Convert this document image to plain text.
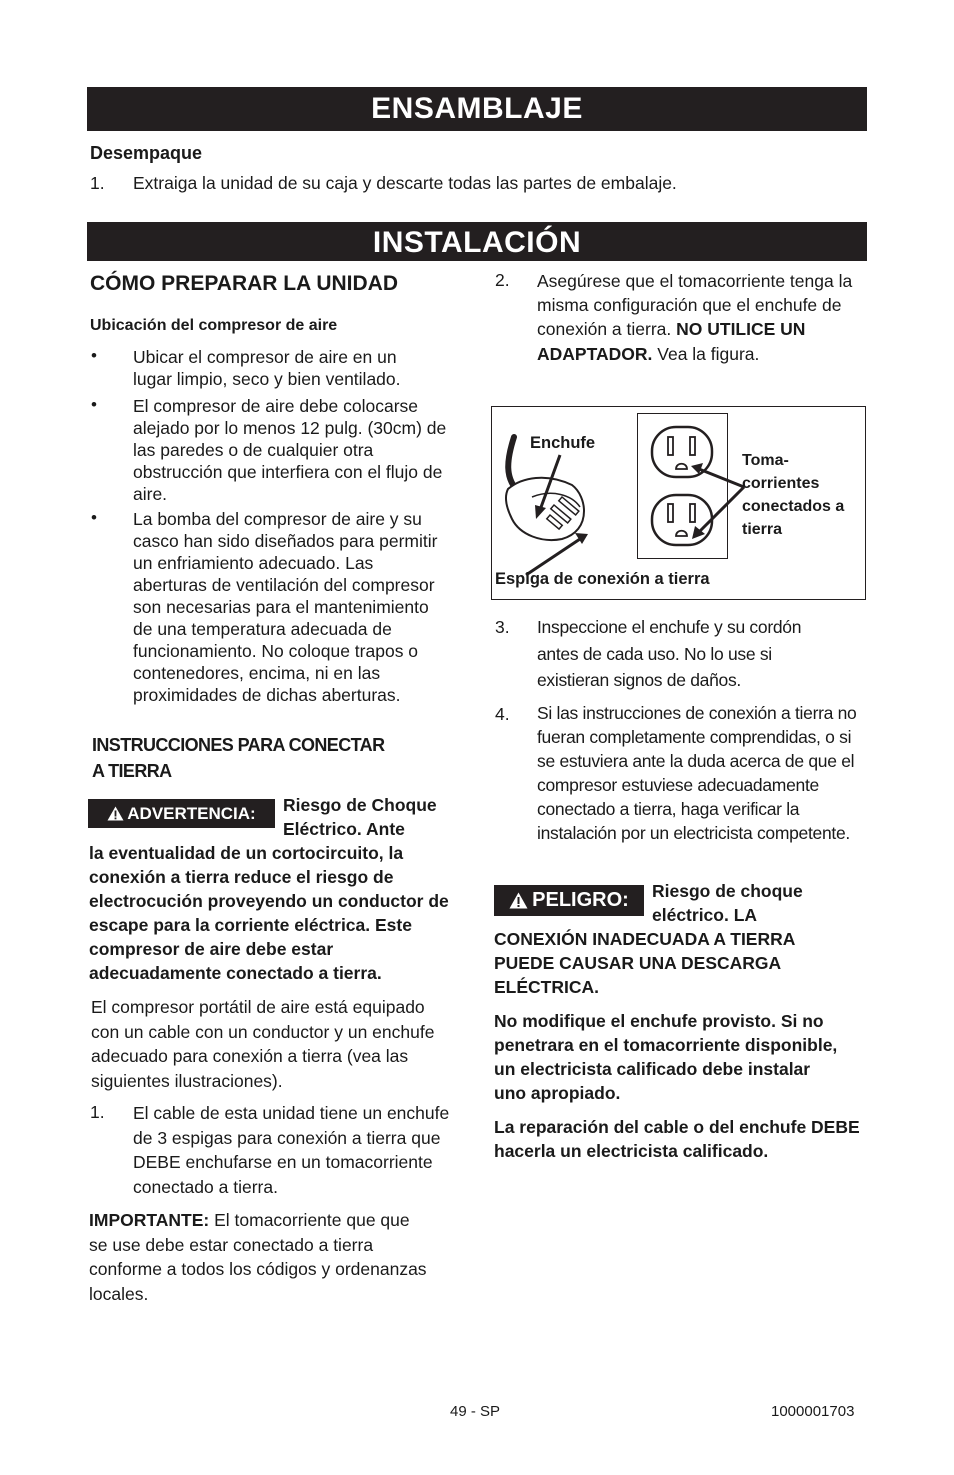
ENSAMBLAJE
Desempaque
1. Extraiga la unidad de su caja y descarte todas las partes de embalaje.
INSTALACIÓN
CÓMO PREPARAR LA UNIDAD
Ubicación del compresor de aire
• Ubicar el compresor de aire en un lugar limpio, seco y bien ventilado.
• El compresor de aire debe colocarse alejado por lo menos 12 pulg. (30cm) de las paredes o de cualquier otra obstrucción que interfiera con el flujo de aire.
• La bomba del compresor de aire y su casco han sido diseñados para permitir un enfriamiento adecuado. Las aberturas de ventilación del compresor son necesarias para el mantenimiento de una temperatura adecuada de funcionamiento. No coloque trapos o contenedores, encima, ni en las proximidades de dichas aberturas.
INSTRUCCIONES PARA CONECTAR
A TIERRA
ADVERTENCIA: Riesgo de Choque Eléctrico. Ante
la eventualidad de un cortocircuito, la conexión a tierra reduce el riesgo de electrocución proveyendo un conductor de escape para la corriente eléctrica. Este compresor de aire debe estar adecuadamente conectado a tierra.
El compresor portátil de aire está equipado con un cable con un conductor y un enchufe adecuado para conexión a tierra (vea las siguientes ilustraciones).
1. El cable de esta unidad tiene un enchufe de 3 espigas para conexión a tierra que DEBE enchufarse en un tomacorriente conectado a tierra.
IMPORTANTE: El tomacorriente que que se use debe estar conectado a tierra conforme a todos los códigos y ordenanzas locales.
2. Asegúrese que el tomacorriente tenga la misma configuración que el enchufe de conexión a tierra. NO UTILICE UN ADAPTADOR. Vea la figura.
Enchufe
Toma- corrientes conectados a tierra
Espiga de conexión a tierra
3. Inspeccione el enchufe y su cordón antes de cada uso. No lo use si existieran signos de daños.
4. Si las instrucciones de conexión a tierra no fueran completamente comprendidas, o si se estuviera ante la duda acerca de que el compresor estuviese adecuadamente conectado a tierra, haga verificar la instalación por un electricista competente.
PELIGRO: Riesgo de choque eléctrico. LA
CONEXIÓN INADECUADA A TIERRA PUEDE CAUSAR UNA DESCARGA ELÉCTRICA.
No modifique el enchufe provisto. Si no penetrara en el tomacorriente disponible, un electricista calificado debe instalar uno apropiado.
La reparación del cable o del enchufe DEBE hacerla un electricista calificado.
49 - SP	1000001703
